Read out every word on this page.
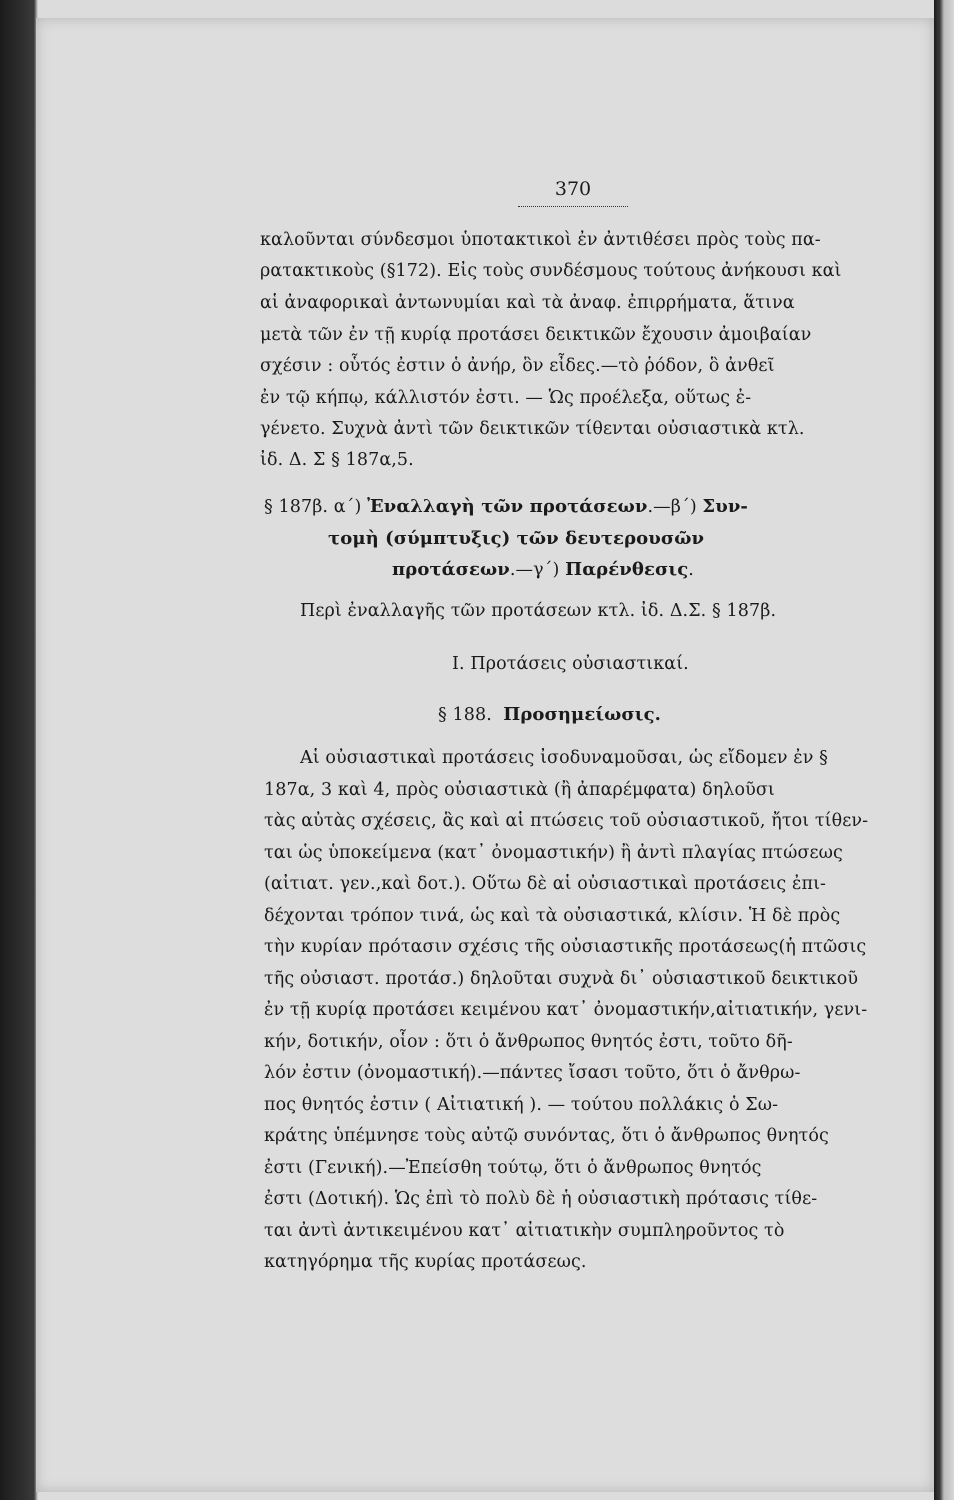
370
καλοῦνται σύνδεσμοι ὑποτακτικοὶ ἐν ἀντιθέσει πρὸς τοὺς πα-
ρατακτικοὺς (§172). Εἰς τοὺς συνδέσμους τούτους ἀνήκουσι καὶ
αἱ ἀναφορικαὶ ἀντωνυμίαι καὶ τὰ ἀναφ. ἐπιρρήματα, ἅτινα
μετὰ τῶν ἐν τῇ κυρίᾳ προτάσει δεικτικῶν ἔχουσιν ἀμοιβαίαν
σχέσιν : οὗτός ἐστιν ὁ ἀνήρ, ὃν εἶδες.—τὸ ῥόδον, ὃ ἀνθεῖ
ἐν τῷ κήπῳ, κάλλιστόν ἐστι. — Ὡς προέλεξα, οὕτως ἐ-
γένετο. Συχνὰ ἀντὶ τῶν δεικτικῶν τίθενται οὐσιαστικὰ κτλ.
ἰδ. Δ. Σ § 187α,5.
§ 187β. α΄) Ἐναλλαγὴ τῶν προτάσεων.—β΄) Συν-
τομὴ (σύμπτυξις) τῶν δευτερουσῶν
προτάσεων.—γ΄) Παρένθεσις.
Περὶ ἐναλλαγῆς τῶν προτάσεων κτλ. ἰδ. Δ.Σ. § 187β.
I. Προτάσεις οὐσιαστικαί.
§ 188. Προσημείωσις.
Αἱ οὐσιαστικαὶ προτάσεις ἰσοδυναμοῦσαι, ὡς εἴδομεν ἐν §
187α, 3 καὶ 4, πρὸς οὐσιαστικὰ (ἢ ἀπαρέμφατα) δηλοῦσι
τὰς αὐτὰς σχέσεις, ἃς καὶ αἱ πτώσεις τοῦ οὐσιαστικοῦ, ἤτοι τίθεν-
ται ὡς ὑποκείμενα (κατ᾽ ὀνομαστικήν) ἢ ἀντὶ πλαγίας πτώσεως
(αἰτιατ. γεν.,καὶ δοτ.). Οὕτω δὲ αἱ οὐσιαστικαὶ προτάσεις ἐπι-
δέχονται τρόπον τινά, ὡς καὶ τὰ οὐσιαστικά, κλίσιν. Ἡ δὲ πρὸς
τὴν κυρίαν πρότασιν σχέσις τῆς οὐσιαστικῆς προτάσεως(ἡ πτῶσις
τῆς οὐσιαστ. προτάσ.) δηλοῦται συχνὰ δι᾽ οὐσιαστικοῦ δεικτικοῦ
ἐν τῇ κυρίᾳ προτάσει κειμένου κατ᾽ ὀνομαστικήν,αἰτιατικήν, γενι-
κήν, δοτικήν, οἷον : ὅτι ὁ ἄνθρωπος θνητός ἐστι, τοῦτο δῆ-
λόν ἐστιν (ὀνομαστική).—πάντες ἴσασι τοῦτο, ὅτι ὁ ἄνθρω-
πος θνητός ἐστιν ( Αἰτιατική ). — τούτου πολλάκις ὁ Σω-
κράτης ὑπέμνησε τοὺς αὐτῷ συνόντας, ὅτι ὁ ἄνθρωπος θνητός
ἐστι (Γενική).—Ἐπείσθη τούτῳ, ὅτι ὁ ἄνθρωπος θνητός
ἐστι (Δοτική). Ὡς ἐπὶ τὸ πολὺ δὲ ἡ οὐσιαστικὴ πρότασις τίθε-
ται ἀντὶ ἀντικειμένου κατ᾽ αἰτιατικὴν συμπληροῦντος τὸ
κατηγόρημα τῆς κυρίας προτάσεως.
